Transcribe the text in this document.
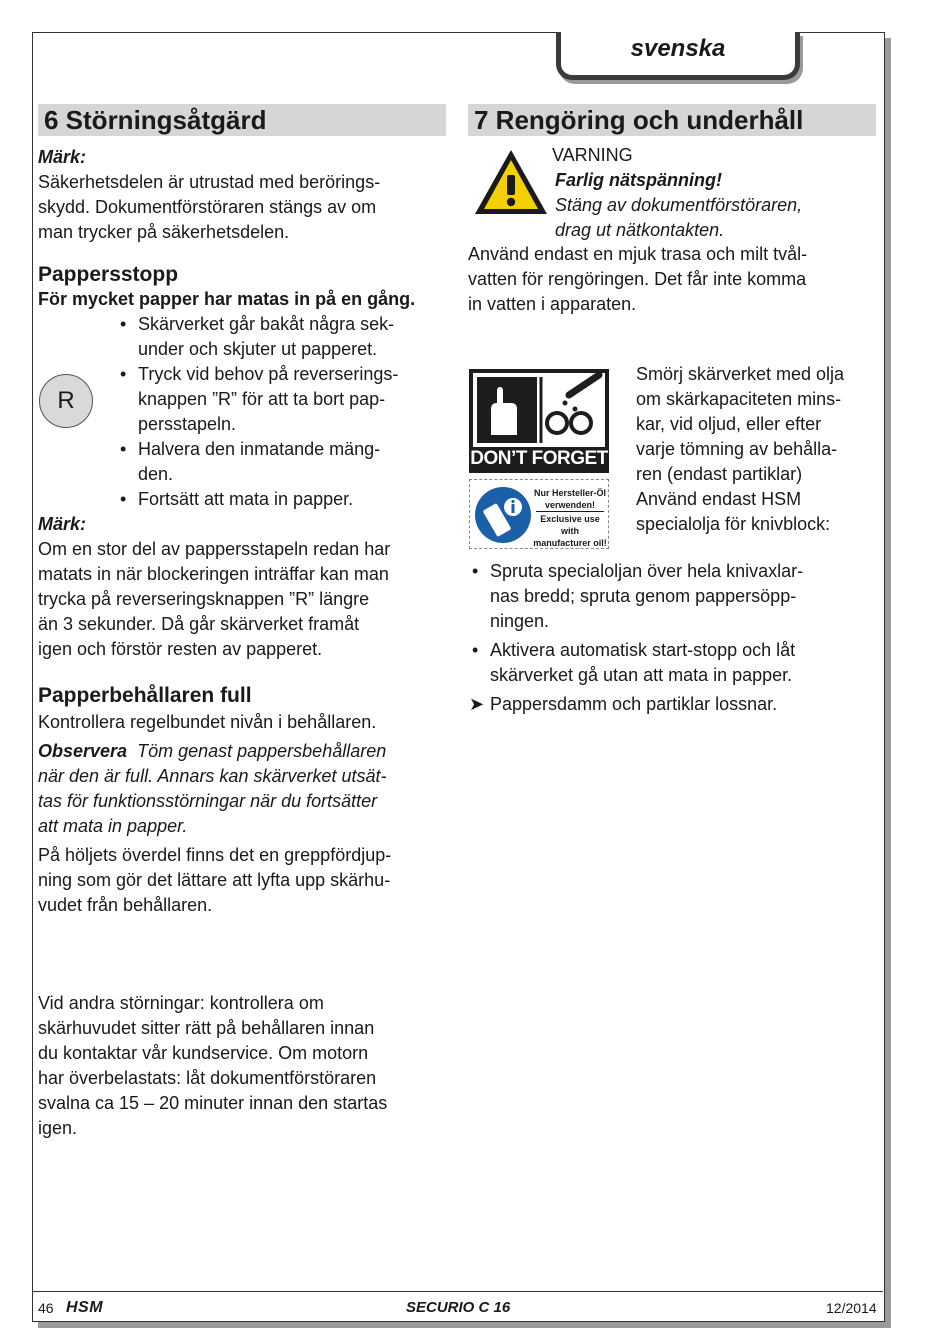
svenska
6 Störningsåtgärd

Märk:

Säkerhetsdelen är utrustad med berörings-

skydd. Dokumentförstöraren stängs av om

man trycker på säkerhetsdelen.

Pappersstopp

För mycket papper har matas in på en gång.

• Skärverket går bakåt några sek-
under och skjuter ut papperet.
• Tryck vid behov på reverserings-
knappen ”R” för att ta bort pap-
persstapeln.
• Halvera den inmatande mäng-
den.
• Fortsätt att mata in papper.

Märk:

Om en stor del av pappersstapeln redan har

matats in när blockeringen inträffar kan man

trycka på reverseringsknappen ”R” längre

än 3 sekunder. Då går skärverket framåt

igen och förstör resten av papperet.

Papperbehållaren full

Kontrollera regelbundet nivån i behållaren.

Observera Töm genast pappersbehållaren

när den är full. Annars kan skärverket utsät-

tas för funktionsstörningar när du fortsätter

att mata in papper.

På höljets överdel finns det en greppfördjup-

ning som gör det lättare att lyfta upp skärhu-

vudet från behållaren.

R

Vid andra störningar: kontrollera om

skärhuvudet sitter rätt på behållaren innan

du kontaktar vår kundservice. Om motorn

har överbelastats: låt dokumentförstöraren

svalna ca 15 – 20 minuter innan den startas

igen.

7 Rengöring och underhåll

VARNING

Farlig nätspänning!

Stäng av dokumentförstöraren,

drag ut nätkontakten.

Använd endast en mjuk trasa och milt tvål-

vatten för rengöringen. Det får inte komma

in vatten i apparaten.

DON’T FORGET
Nur Hersteller-Öl
verwenden!
Exclusive use with
manufacturer oil!

Smörj skärverket med olja

om skärkapaciteten mins-

kar, vid oljud, eller efter

varje tömning av behålla-

ren (endast partiklar)

Använd endast HSM

specialolja för knivblock:

• Spruta specialoljan över hela knivaxlar-
nas bredd; spruta genom pappersöpp-
ningen.
• Aktivera automatisk start-stopp och låt
skärverket gå utan att mata in papper.

➤ Pappersdamm och partiklar lossnar.

46 HSM	SECURIO C 16	12/2014
